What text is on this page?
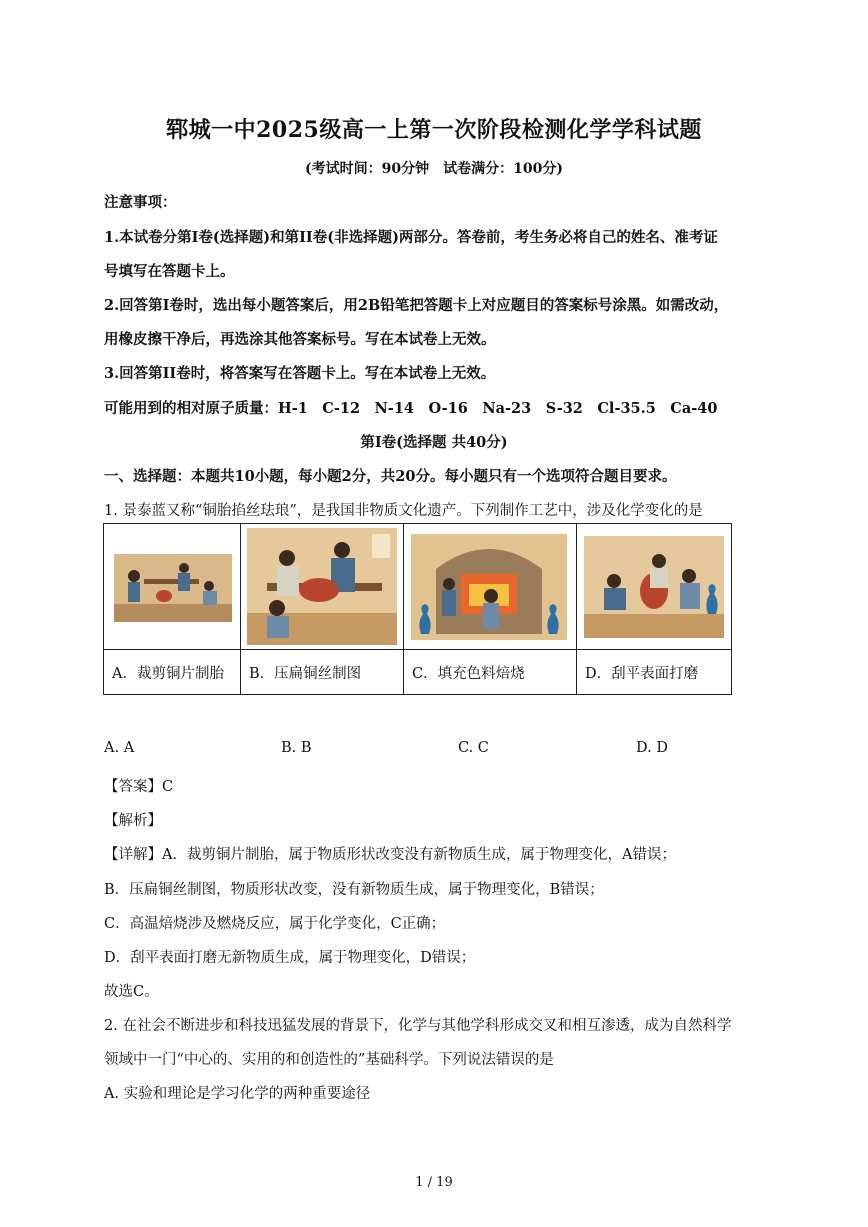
郓城一中2025级高一上第一次阶段检测化学学科试题
(考试时间：90分钟　试卷满分：100分)
注意事项：
1.本试卷分第I卷(选择题)和第II卷(非选择题)两部分。答卷前，考生务必将自己的姓名、准考证
号填写在答题卡上。
2.回答第I卷时，选出每小题答案后，用2B铅笔把答题卡上对应题目的答案标号涂黑。如需改动，
用橡皮擦干净后，再选涂其他答案标号。写在本试卷上无效。
3.回答第II卷时，将答案写在答题卡上。写在本试卷上无效。
可能用到的相对原子质量：H-1　C-12　N-14　O-16　Na-23　S-32　Cl-35.5　Ca-40
第I卷(选择题 共40分)
一、选择题：本题共10小题，每小题2分，共20分。每小题只有一个选项符合题目要求。
1. 景泰蓝又称“铜胎掐丝珐琅”，是我国非物质文化遗产。下列制作工艺中，涉及化学变化的是

A．裁剪铜片制胎	B．压扁铜丝制图	C．填充色料焙烧	D．刮平表面打磨
A. A	B. B	C. C	D. D
【答案】C
【解析】
【详解】A．裁剪铜片制胎，属于物质形状改变没有新物质生成，属于物理变化，A错误；
B．压扁铜丝制图，物质形状改变，没有新物质生成，属于物理变化，B错误；
C．高温焙烧涉及燃烧反应，属于化学变化，C正确；
D．刮平表面打磨无新物质生成，属于物理变化，D错误；
故选C。
2. 在社会不断进步和科技迅猛发展的背景下，化学与其他学科形成交叉和相互渗透，成为自然科学
领域中一门“中心的、实用的和创造性的”基础科学。下列说法错误的是
A. 实验和理论是学习化学的两种重要途径
1 / 19
